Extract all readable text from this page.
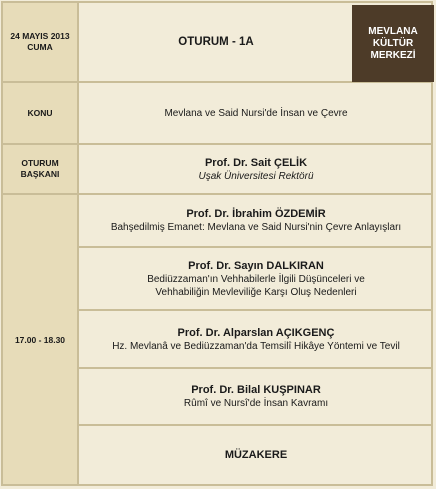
24 MAYIS 2013
CUMA
KONU
OTURUM
BAŞKANI
17.00 - 18.30
OTURUM - 1A
MEVLANA
KÜLTÜR
MERKEZİ
Mevlana ve Said Nursi'de İnsan ve Çevre
Prof. Dr. Sait ÇELİK
Uşak Üniversitesi Rektörü
Prof. Dr. İbrahim ÖZDEMİR
Bahşedilmiş Emanet: Mevlana ve Said Nursi'nin Çevre Anlayışları
Prof. Dr. Sayın DALKIRAN
Bediüzzaman'ın Vehhabilerle İlgili Düşünceleri ve
Vehhabiliğin Mevleviliğe Karşı Oluş Nedenleri
Prof. Dr. Alparslan AÇIKGENÇ
Hz. Mevlanâ ve Bediüzzaman'da Temsilî Hikâye Yöntemi ve Tevil
Prof. Dr. Bilal KUŞPINAR
Rûmî ve Nursî'de İnsan Kavramı
MÜZAKERE
